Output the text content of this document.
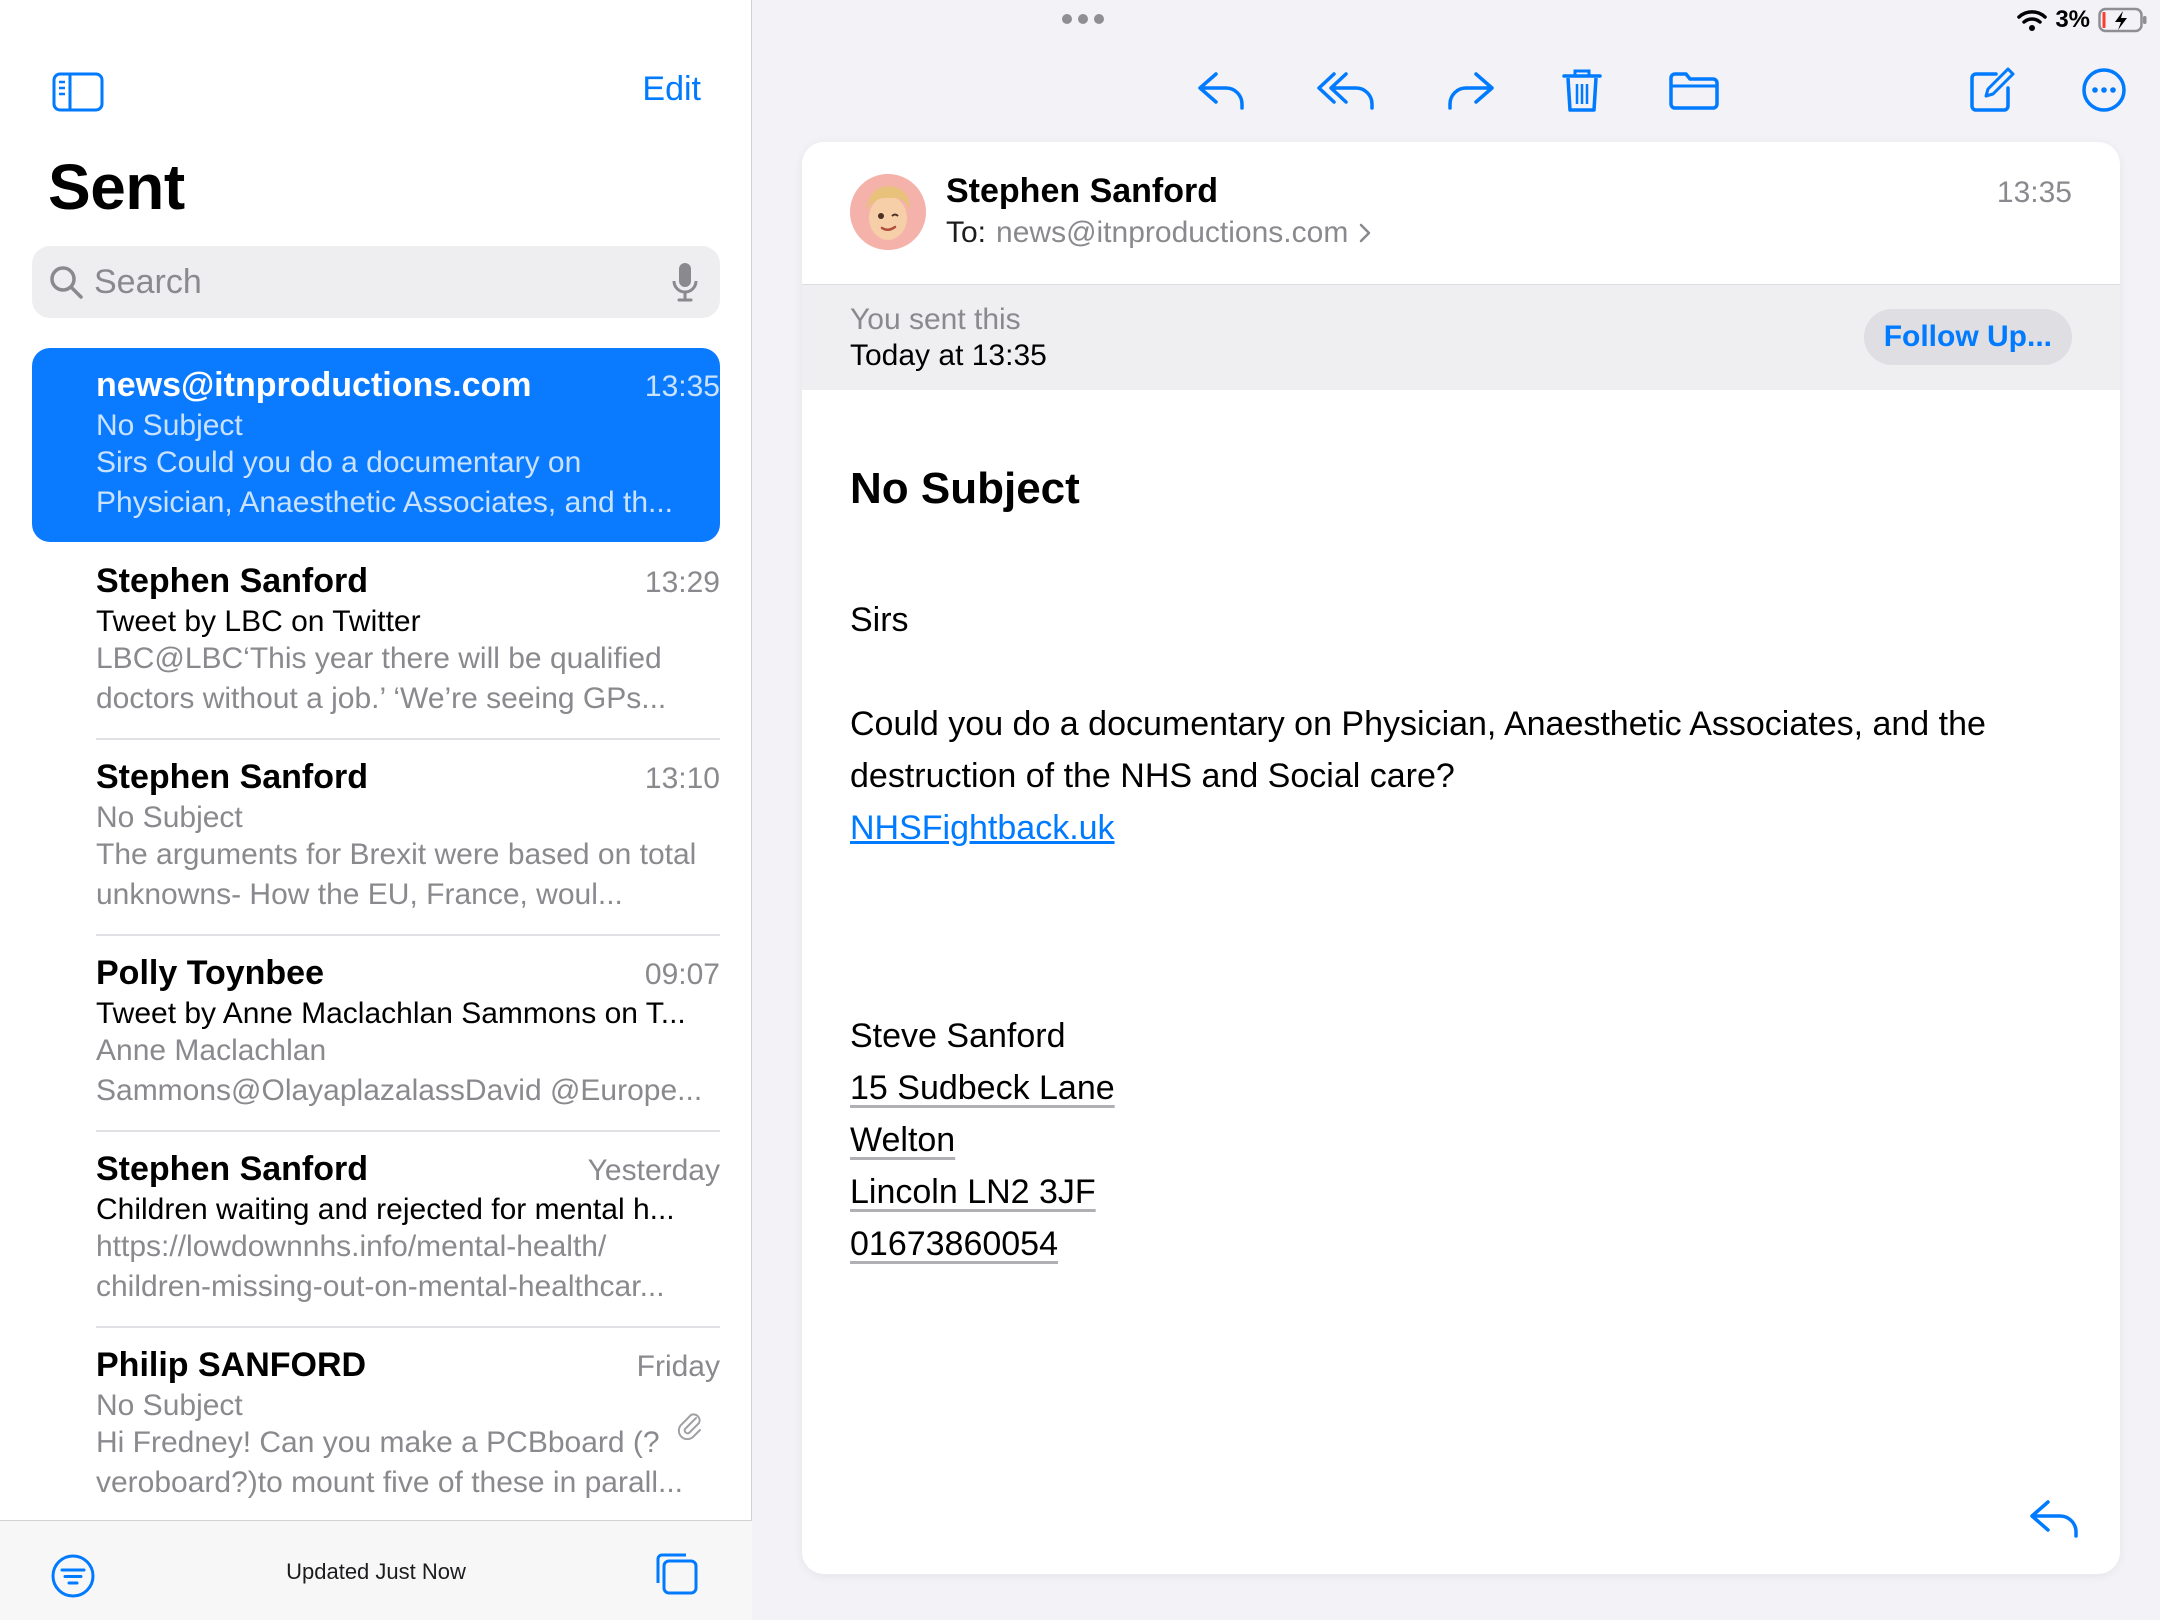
3%
Edit
Sent
Search
news@itnproductions.com	13:35
No Subject
Sirs Could you do a documentary on Physician, Anaesthetic Associates, and th...
Stephen Sanford	13:29
Tweet by LBC on Twitter
LBC@LBC‘This year there will be qualified doctors without a job.’ ‘We’re seeing GPs...
Stephen Sanford	13:10
No Subject
The arguments for Brexit were based on total unknowns- How the EU, France, woul...
Polly Toynbee	09:07
Tweet by Anne Maclachlan Sammons on T...
Anne Maclachlan Sammons@OlayaplazalassDavid @Europe...
Stephen Sanford	Yesterday
Children waiting and rejected for mental h...
https://lowdownnhs.info/mental-health/ children-missing-out-on-mental-healthcar...
Philip SANFORD	Friday
No Subject
Hi Fredney! Can you make a PCBboard (? veroboard?)to mount five of these in parall...
Updated Just Now
Stephen Sanford
To: news@itnproductions.com
13:35
You sent this
Today at 13:35
Follow Up...
No Subject

Sirs

Could you do a documentary on Physician, Anaesthetic Associates, and the destruction of the NHS and Social care?

NHSFightback.uk

Steve Sanford

15 Sudbeck Lane

Welton

Lincoln LN2 3JF

01673860054
